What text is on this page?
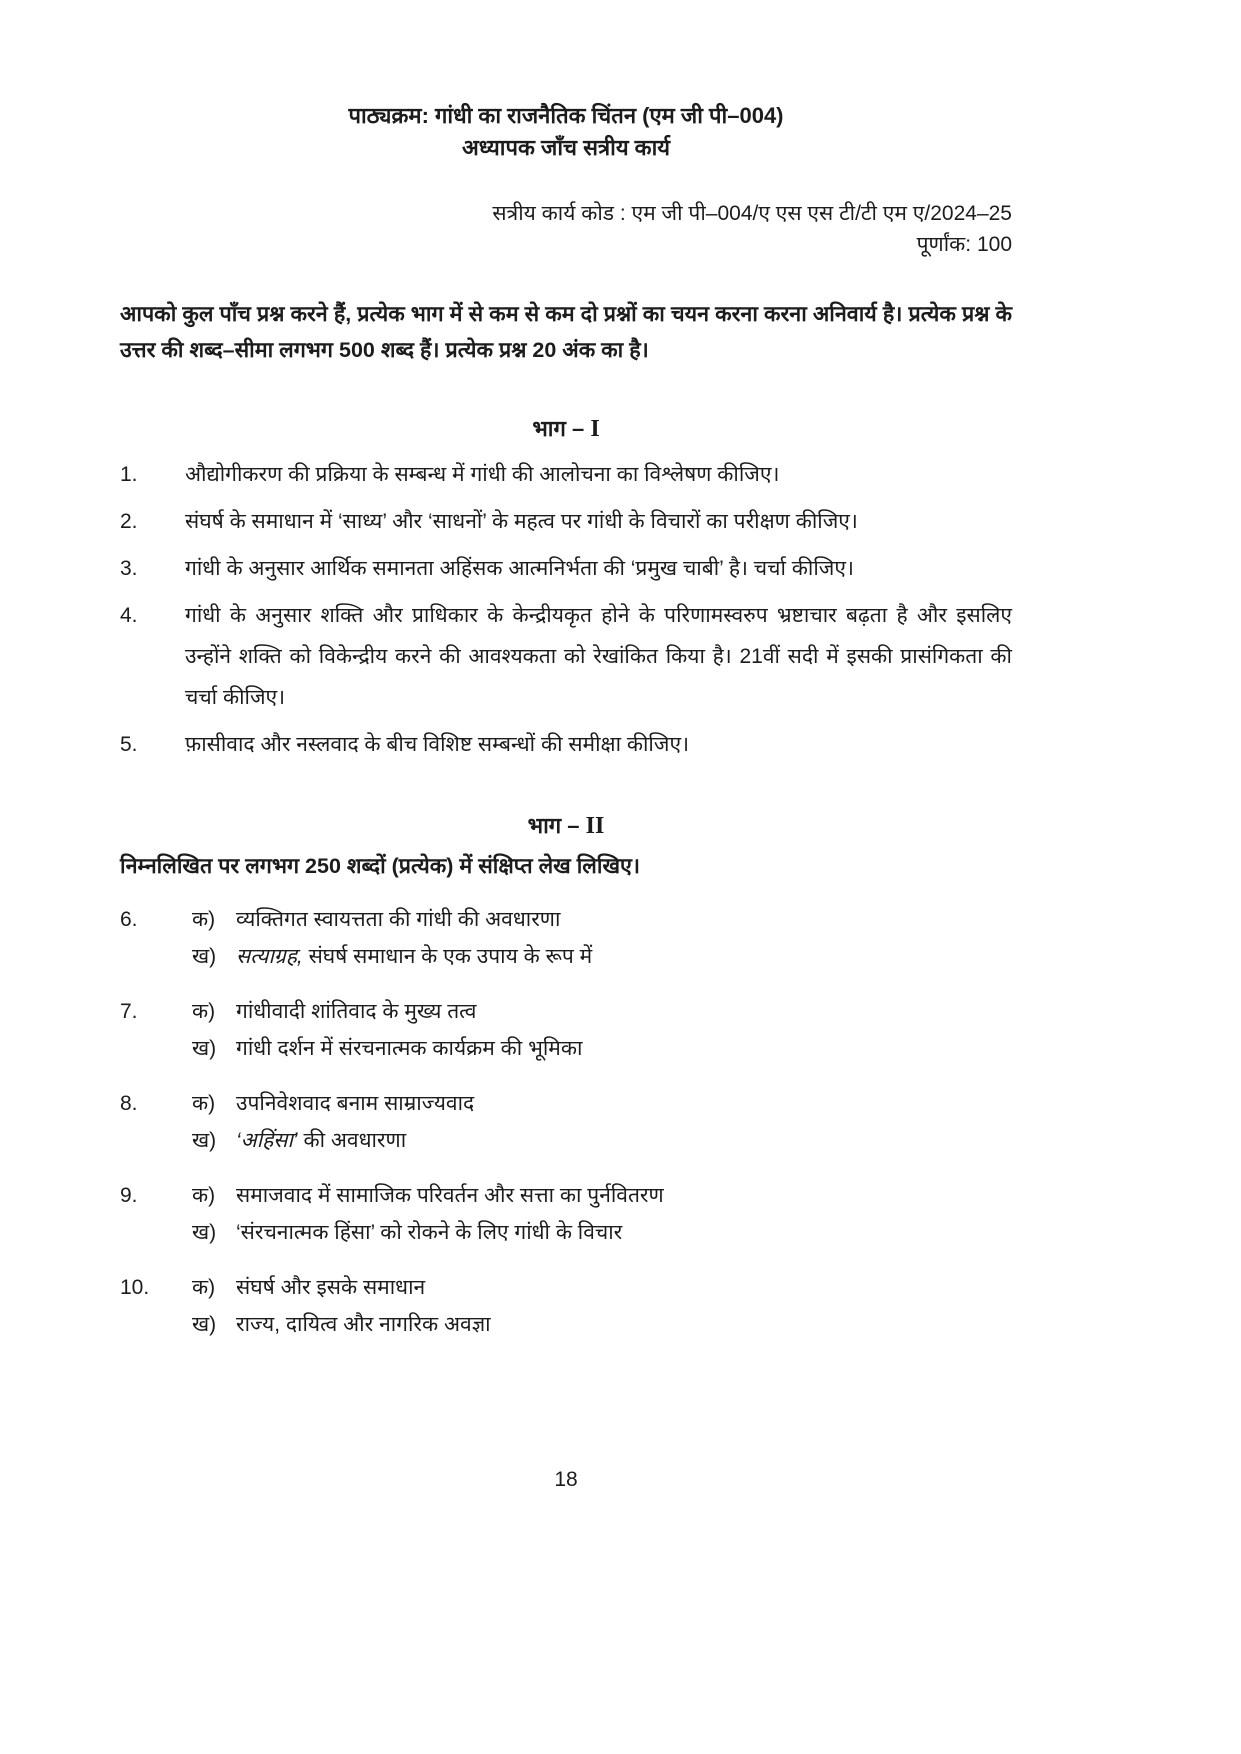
पाठ्यक्रम: गांधी का राजनैतिक चिंतन (एम जी पी–004)
अध्यापक जाँच सत्रीय कार्य
सत्रीय कार्य कोड : एम जी पी–004/ए एस एस टी/टी एम ए/2024–25
पूर्णांक: 100
आपको कुल पाँच प्रश्न करने हैं, प्रत्येक भाग में से कम से कम दो प्रश्नों का चयन करना करना अनिवार्य है। प्रत्येक प्रश्न के उत्तर की शब्द–सीमा लगभग 500 शब्द हैं। प्रत्येक प्रश्न 20 अंक का है।
भाग – I
1.	औद्योगीकरण की प्रक्रिया के सम्बन्ध में गांधी की आलोचना का विश्लेषण कीजिए।
2.	संघर्ष के समाधान में ‘साध्य’ और ‘साधनों’ के महत्व पर गांधी के विचारों का परीक्षण कीजिए।
3.	गांधी के अनुसार आर्थिक समानता अहिंसक आत्मनिर्भता की ‘प्रमुख चाबी’ है। चर्चा कीजिए।
4.	गांधी के अनुसार शक्ति और प्राधिकार के केन्द्रीयकृत होने के परिणामस्वरुप भ्रष्टाचार बढ़ता है और इसलिए उन्होंने शक्ति को विकेन्द्रीय करने की आवश्यकता को रेखांकित किया है। 21वीं सदी में इसकी प्रासंगिकता की चर्चा कीजिए।
5.	फ़ासीवाद और नस्लवाद के बीच विशिष्ट सम्बन्धों की समीक्षा कीजिए।
भाग – II
निम्नलिखित पर लगभग 250 शब्दों (प्रत्येक) में संक्षिप्त लेख लिखिए।
6.	क) व्यक्तिगत स्वायत्तता की गांधी की अवधारणा
ख) सत्याग्रह, संघर्ष समाधान के एक उपाय के रूप में
7.	क) गांधीवादी शांतिवाद के मुख्य तत्व
ख) गांधी दर्शन में संरचनात्मक कार्यक्रम की भूमिका
8.	क) उपनिवेशवाद बनाम साम्राज्यवाद
ख) ‘अहिंसा’ की अवधारणा
9.	क) समाजवाद में सामाजिक परिवर्तन और सत्ता का पुर्नवितरण
ख) ‘संरचनात्मक हिंसा’ को रोकने के लिए गांधी के विचार
10.	क) संघर्ष और इसके समाधान
ख) राज्य, दायित्व और नागरिक अवज्ञा
18
